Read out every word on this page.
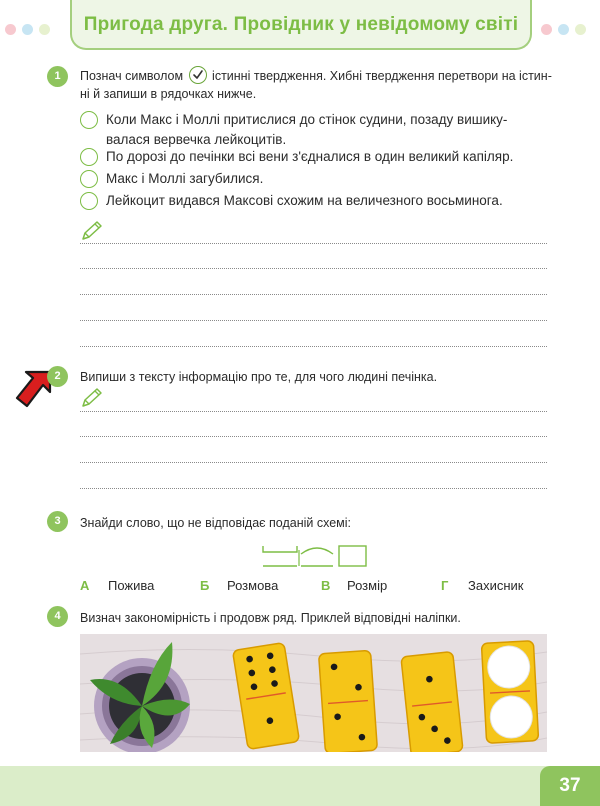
Пригода друга. Провідник у невідомому світі
1	Познач символом істинні твердження. Хибні твердження перетвори на істин-
ні й запиши в рядочках нижче.
Коли Макс і Моллі притислися до стінок судини, позаду вишику-
валася вервечка лейкоцитів.
По дорозі до печінки всі вени з'єдналися в один великий капіляр.
Макс і Моллі загубилися.
Лейкоцит видався Максові схожим на величезного восьминога.
2	Випиши з тексту інформацію про те, для чого людині печінка.
3	Знайди слово, що не відповідає поданій схемі:
А Пожива	Б Розмова	В Розмір	Г Захисник
4	Визнач закономірність і продовж ряд. Приклей відповідні наліпки.
37
